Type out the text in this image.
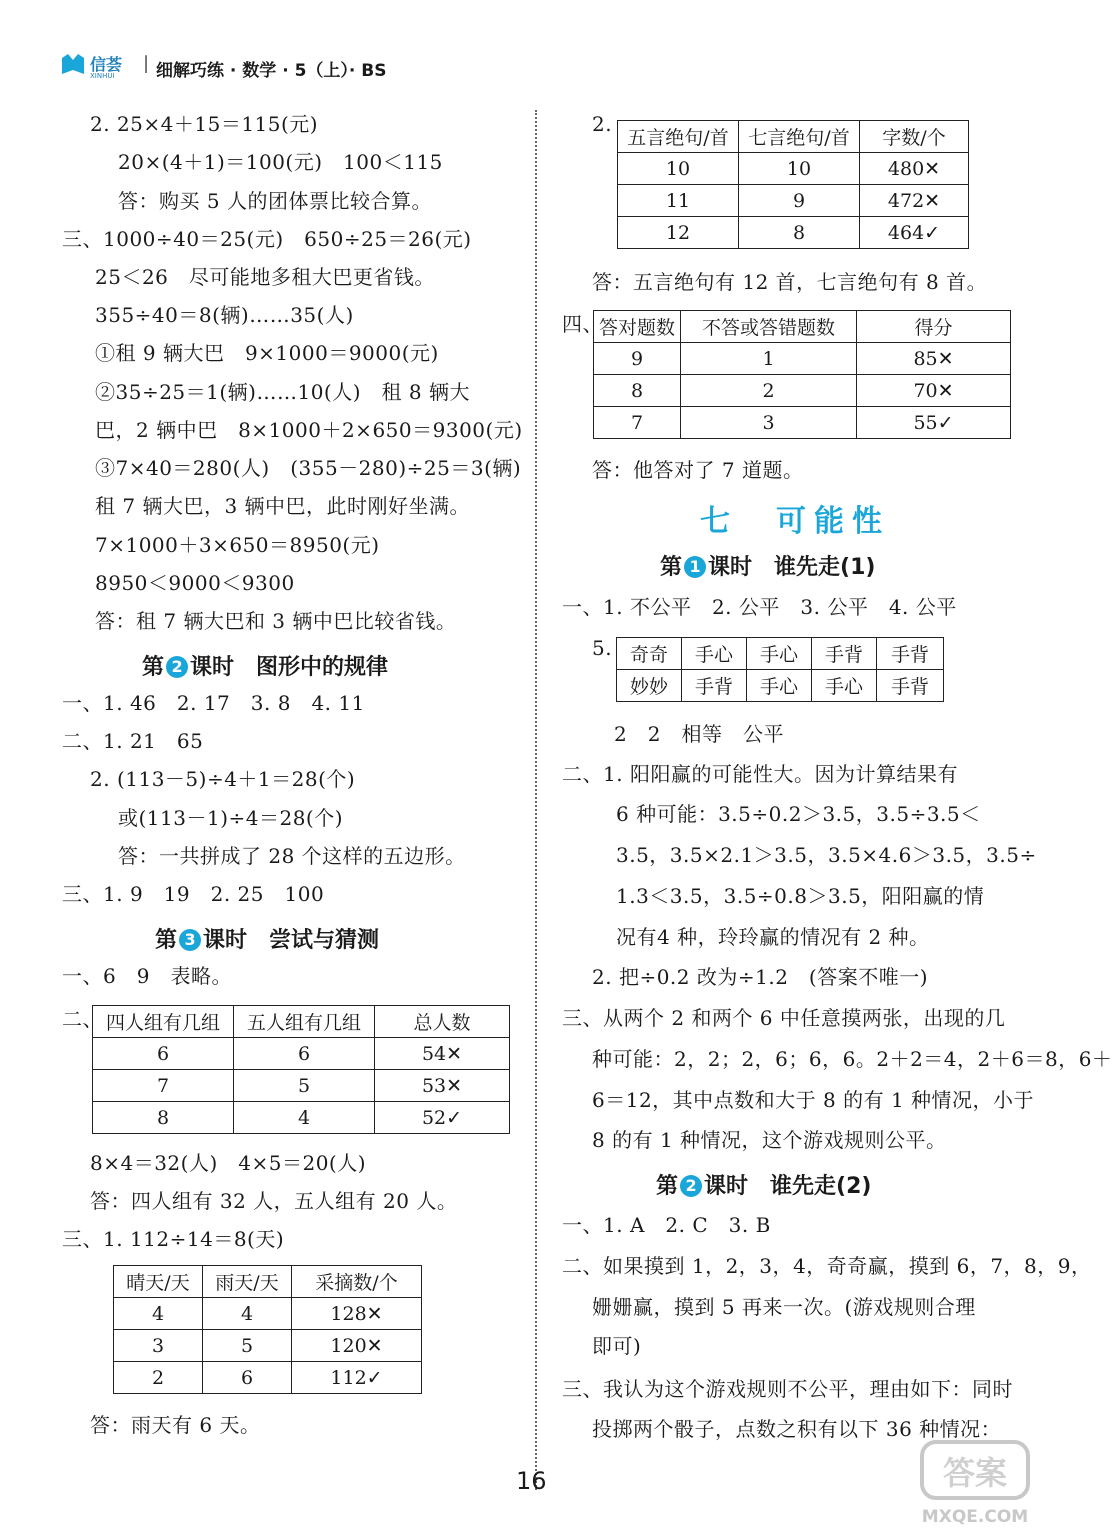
信荟
XINHUI
| 细解巧练 · 数学 · 5（上）· BS
2. 25×4＋15＝115(元)
20×(4＋1)＝100(元)　100＜115
答：购买 5 人的团体票比较合算。
三、1000÷40＝25(元)　650÷25＝26(元)
25＜26　尽可能地多租大巴更省钱。
355÷40＝8(辆)……35(人)
①租 9 辆大巴　9×1000＝9000(元)
②35÷25＝1(辆)……10(人)　租 8 辆大
巴，2 辆中巴　8×1000＋2×650＝9300(元)
③7×40＝280(人)　(355－280)÷25＝3(辆)
租 7 辆大巴，3 辆中巴，此时刚好坐满。
7×1000＋3×650＝8950(元)
8950＜9000＜9300
答：租 7 辆大巴和 3 辆中巴比较省钱。
第 2 课时　图形中的规律
一、1. 46　2. 17　3. 8　4. 11
二、1. 21　65
2. (113－5)÷4＋1＝28(个)
或(113－1)÷4＝28(个)
答：一共拼成了 28 个这样的五边形。
三、1. 9　19　2. 25　100
第 3 课时　尝试与猜测
一、6　9　表略。
二、 四人组有几组	五人组有几组	总人数
6	6	54✕
7	5	53✕
8	4	52✓
8×4＝32(人)　4×5＝20(人)
答：四人组有 32 人，五人组有 20 人。
三、1. 112÷14＝8(天)
晴天/天	雨天/天	采摘数/个
4	4	128✕
3	5	120✕
2	6	112✓
答：雨天有 6 天。
2.
五言绝句/首	七言绝句/首	字数/个
10	10	480✕
11	9	472✕
12	8	464✓
答：五言绝句有 12 首，七言绝句有 8 首。
四、
答对题数	不答或答错题数	得分
9	1	85✕
8	2	70✕
7	3	55✓
答：他答对了 7 道题。
七　可能性
第 1 课时　谁先走(1)
一、1. 不公平　2. 公平　3. 公平　4. 公平
5. 奇奇	手心	手心	手背	手背
妙妙	手背	手心	手心	手背
2　2　相等　公平
二、1. 阳阳赢的可能性大。因为计算结果有
6 种可能：3.5÷0.2＞3.5，3.5÷3.5＜
3.5，3.5×2.1＞3.5，3.5×4.6＞3.5，3.5÷
1.3＜3.5，3.5÷0.8＞3.5，阳阳赢的情
况有4 种，玲玲赢的情况有 2 种。
2. 把÷0.2 改为÷1.2　(答案不唯一)
三、从两个 2 和两个 6 中任意摸两张，出现的几
种可能：2，2；2，6；6，6。2＋2＝4，2＋6＝8，6＋
6＝12，其中点数和大于 8 的有 1 种情况，小于
8 的有 1 种情况，这个游戏规则公平。
第 2 课时　谁先走(2)
一、1. A　2. C　3. B
二、如果摸到 1，2，3，4，奇奇赢，摸到 6，7，8，9，
姗姗赢，摸到 5 再来一次。(游戏规则合理
即可)
三、我认为这个游戏规则不公平，理由如下：同时
投掷两个骰子，点数之积有以下 36 种情况：
16	答案
MXQE.COM
